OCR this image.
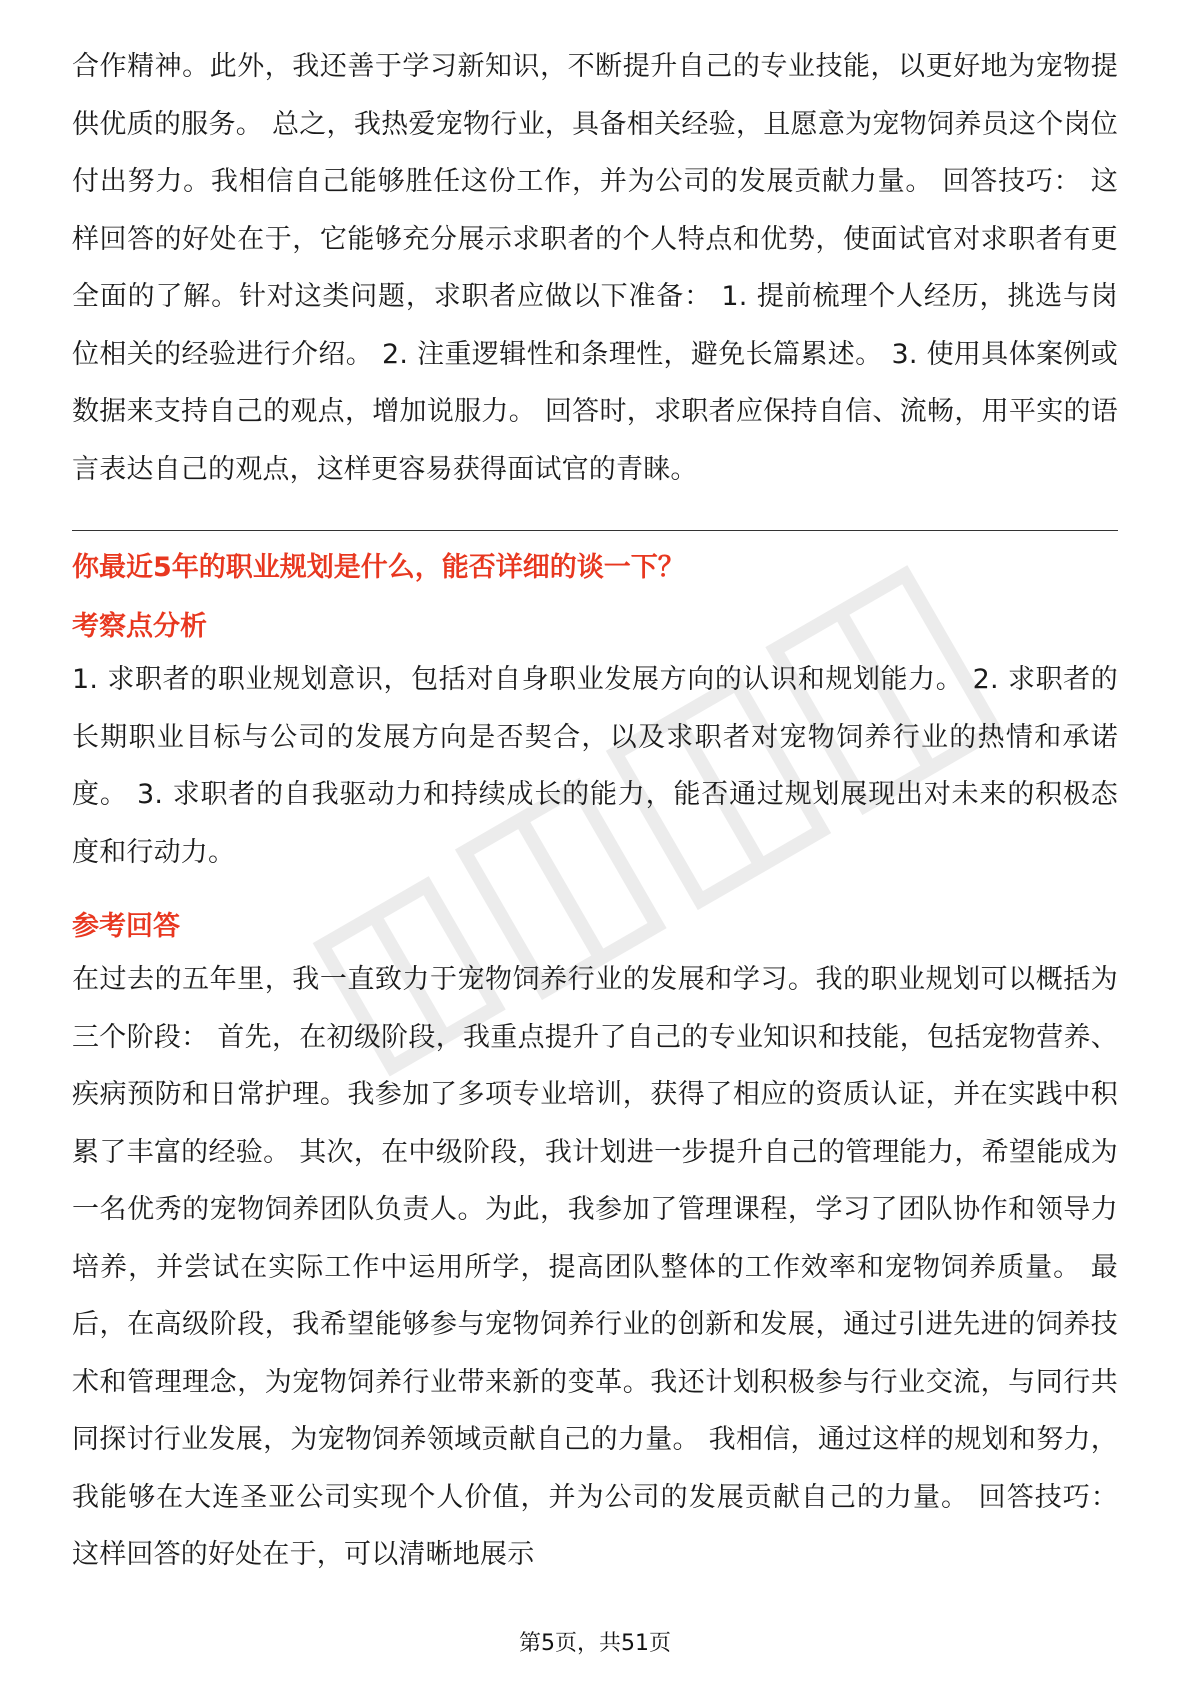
合作精神。此外，我还善于学习新知识，不断提升自己的专业技能，以更好地为宠物提供优质的服务。 总之，我热爱宠物行业，具备相关经验，且愿意为宠物饲养员这个岗位付出努力。我相信自己能够胜任这份工作，并为公司的发展贡献力量。 回答技巧： 这样回答的好处在于，它能够充分展示求职者的个人特点和优势，使面试官对求职者有更全面的了解。针对这类问题，求职者应做以下准备： 1. 提前梳理个人经历，挑选与岗位相关的经验进行介绍。 2. 注重逻辑性和条理性，避免长篇累述。 3. 使用具体案例或数据来支持自己的观点，增加说服力。 回答时，求职者应保持自信、流畅，用平实的语言表达自己的观点，这样更容易获得面试官的青睐。

你最近5年的职业规划是什么，能否详细的谈一下？

考察点分析

1. 求职者的职业规划意识，包括对自身职业发展方向的认识和规划能力。 2. 求职者的长期职业目标与公司的发展方向是否契合，以及求职者对宠物饲养行业的热情和承诺度。 3. 求职者的自我驱动力和持续成长的能力，能否通过规划展现出对未来的积极态度和行动力。

参考回答

在过去的五年里，我一直致力于宠物饲养行业的发展和学习。我的职业规划可以概括为三个阶段： 首先，在初级阶段，我重点提升了自己的专业知识和技能，包括宠物营养、疾病预防和日常护理。我参加了多项专业培训，获得了相应的资质认证，并在实践中积累了丰富的经验。 其次，在中级阶段，我计划进一步提升自己的管理能力，希望能成为一名优秀的宠物饲养团队负责人。为此，我参加了管理课程，学习了团队协作和领导力培养，并尝试在实际工作中运用所学，提高团队整体的工作效率和宠物饲养质量。 最后，在高级阶段，我希望能够参与宠物饲养行业的创新和发展，通过引进先进的饲养技术和管理理念，为宠物饲养行业带来新的变革。我还计划积极参与行业交流，与同行共同探讨行业发展，为宠物饲养领域贡献自己的力量。 我相信，通过这样的规划和努力，我能够在大连圣亚公司实现个人价值，并为公司的发展贡献自己的力量。 回答技巧： 这样回答的好处在于，可以清晰地展示

第5页，共51页
